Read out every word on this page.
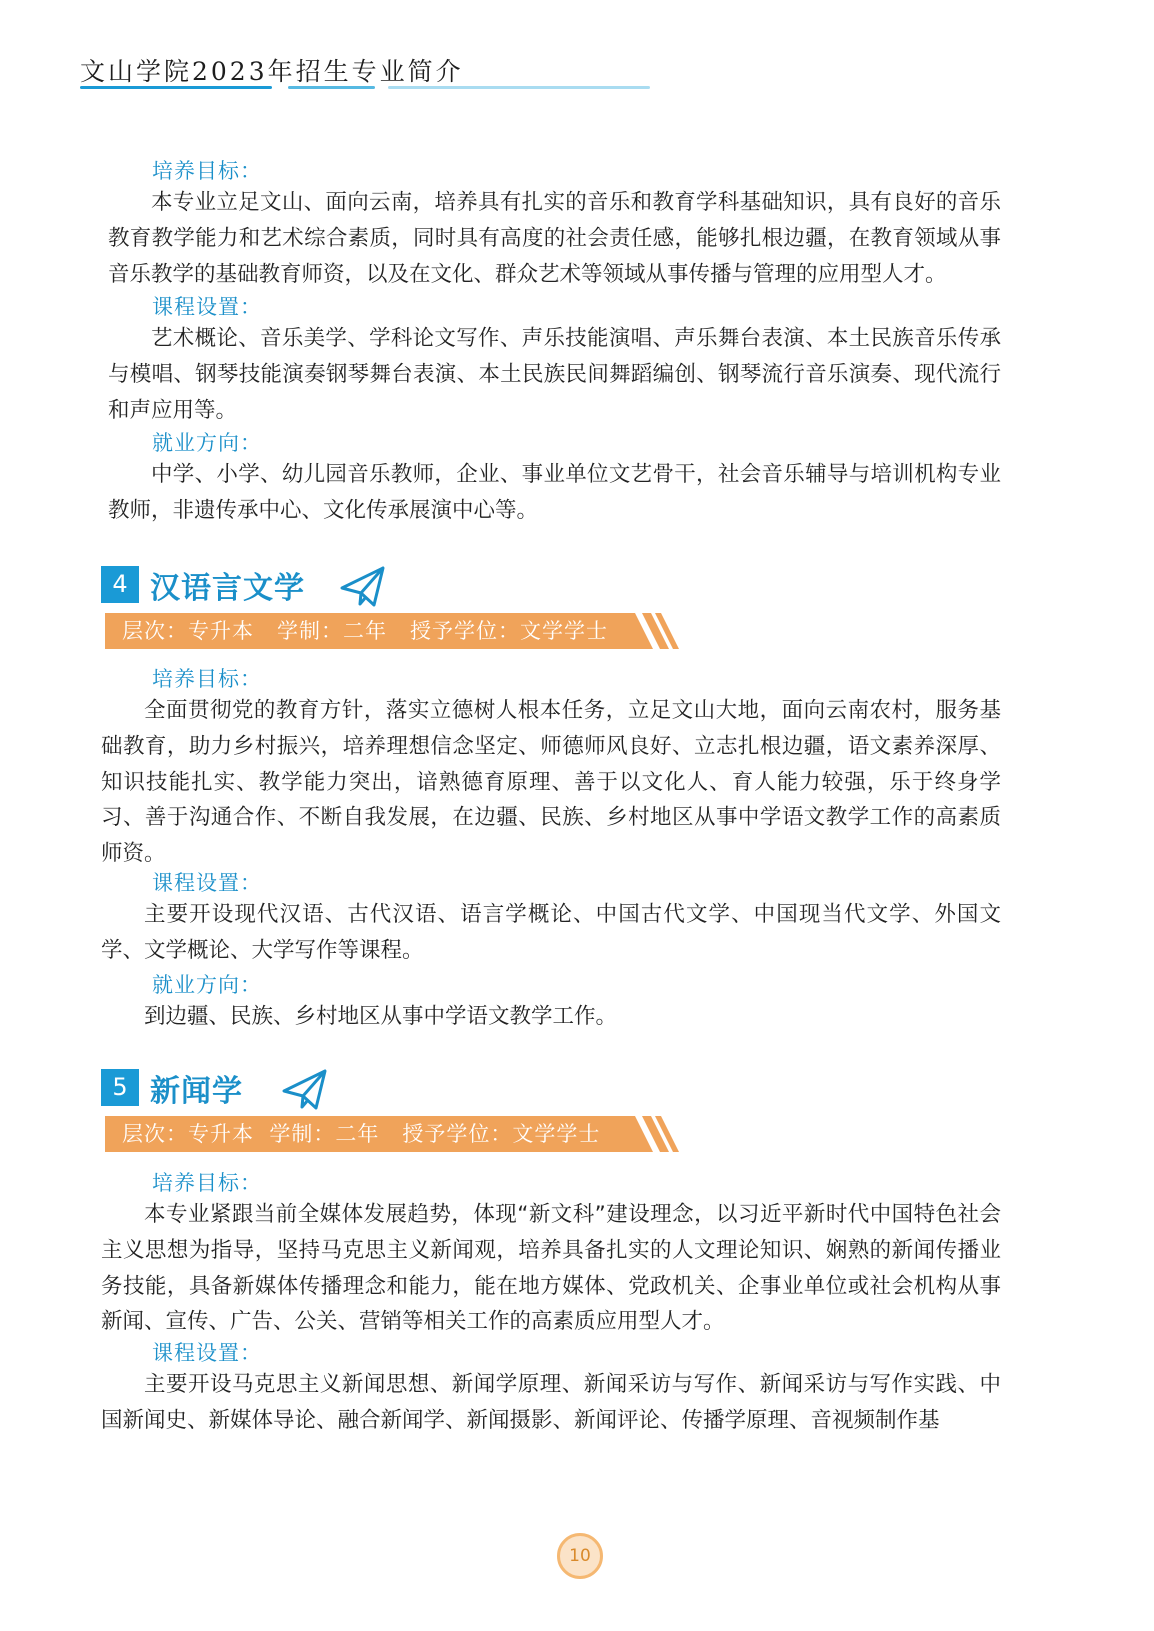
文山学院2023年招生专业简介
培养目标：

本专业立足文山、面向云南，培养具有扎实的音乐和教育学科基础知识，具有良好的音乐教育教学能力和艺术综合素质，同时具有高度的社会责任感，能够扎根边疆，在教育领域从事音乐教学的基础教育师资，以及在文化、群众艺术等领域从事传播与管理的应用型人才。

课程设置：

艺术概论、音乐美学、学科论文写作、声乐技能演唱、声乐舞台表演、本土民族音乐传承与模唱、钢琴技能演奏钢琴舞台表演、本土民族民间舞蹈编创、钢琴流行音乐演奏、现代流行和声应用等。

就业方向：

中学、小学、幼儿园音乐教师，企业、事业单位文艺骨干，社会音乐辅导与培训机构专业教师，非遗传承中心、文化传承展演中心等。

4 汉语言文学
层次：专升本   学制：二年   授予学位：文学学士
培养目标：

全面贯彻党的教育方针，落实立德树人根本任务，立足文山大地，面向云南农村，服务基础教育，助力乡村振兴，培养理想信念坚定、师德师风良好、立志扎根边疆，语文素养深厚、知识技能扎实、教学能力突出，谙熟德育原理、善于以文化人、育人能力较强，乐于终身学习、善于沟通合作、不断自我发展，在边疆、民族、乡村地区从事中学语文教学工作的高素质师资。

课程设置：

主要开设现代汉语、古代汉语、语言学概论、中国古代文学、中国现当代文学、外国文学、文学概论、大学写作等课程。

就业方向：

到边疆、民族、乡村地区从事中学语文教学工作。

5 新闻学
层次：专升本  学制：二年   授予学位：文学学士
培养目标：

本专业紧跟当前全媒体发展趋势，体现“新文科”建设理念，以习近平新时代中国特色社会主义思想为指导，坚持马克思主义新闻观，培养具备扎实的人文理论知识、娴熟的新闻传播业务技能，具备新媒体传播理念和能力，能在地方媒体、党政机关、企事业单位或社会机构从事新闻、宣传、广告、公关、营销等相关工作的高素质应用型人才。

课程设置：

主要开设马克思主义新闻思想、新闻学原理、新闻采访与写作、新闻采访与写作实践、中国新闻史、新媒体导论、融合新闻学、新闻摄影、新闻评论、传播学原理、音视频制作基

10
